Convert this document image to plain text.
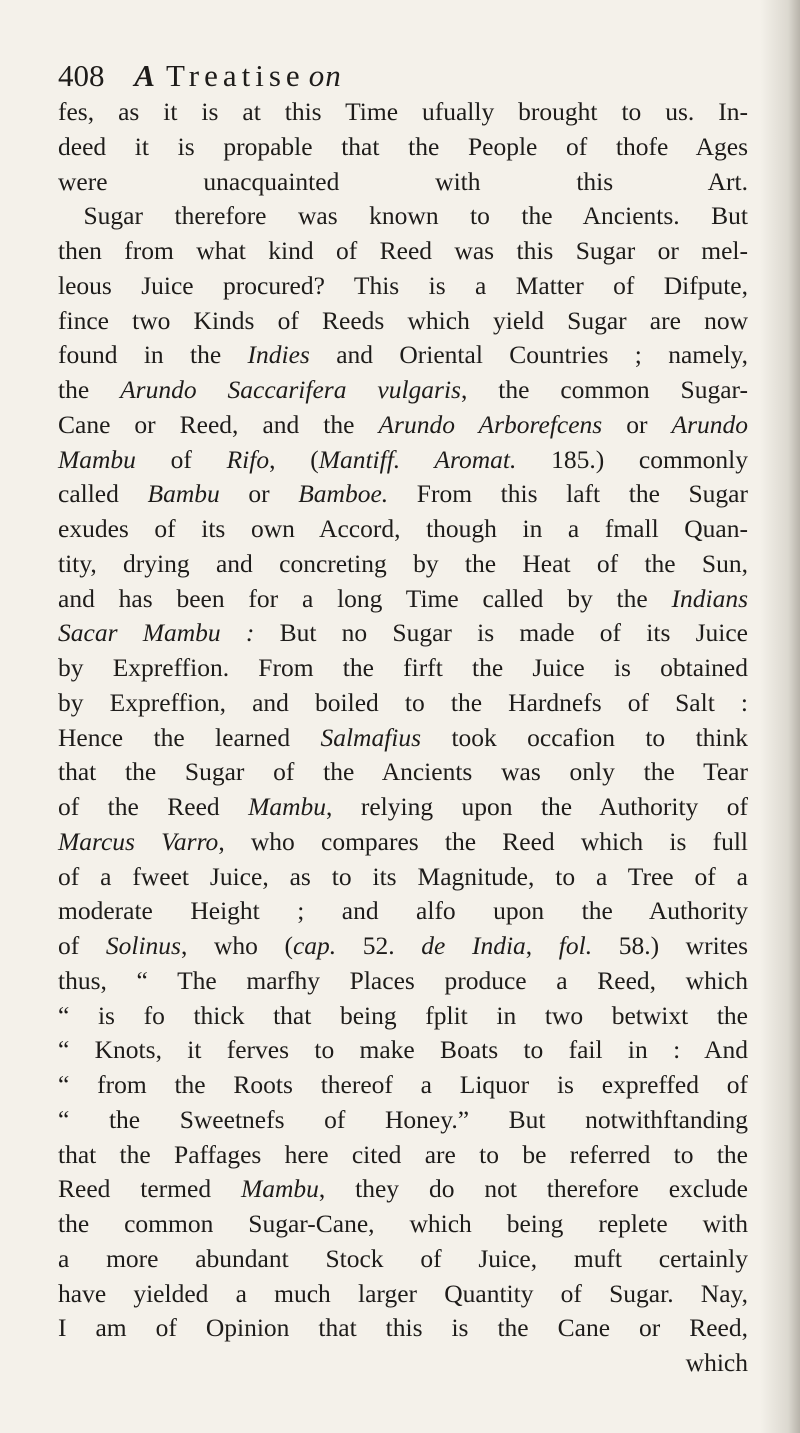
408 A Treatise on
fes, as it is at this Time ufually brought to us. In-
deed it is propable that the People of thofe Ages
were unacquainted with this Art.
 Sugar therefore was known to the Ancients. But
then from what kind of Reed was this Sugar or mel-
leous Juice procured? This is a Matter of Difpute,
fince two Kinds of Reeds which yield Sugar are now
found in the Indies and Oriental Countries ; namely,
the Arundo Saccarifera vulgaris, the common Sugar-
Cane or Reed, and the Arundo Arborefcens or Arundo
Mambu of Rifo, (Mantiff. Aromat. 185.) commonly
called Bambu or Bamboe. From this laft the Sugar
exudes of its own Accord, though in a fmall Quan-
tity, drying and concreting by the Heat of the Sun,
and has been for a long Time called by the Indians
Sacar Mambu : But no Sugar is made of its Juice
by Expreffion. From the firft the Juice is obtained
by Expreffion, and boiled to the Hardnefs of Salt :
Hence the learned Salmafius took occafion to think
that the Sugar of the Ancients was only the Tear
of the Reed Mambu, relying upon the Authority of
Marcus Varro, who compares the Reed which is full
of a fweet Juice, as to its Magnitude, to a Tree of a
moderate Height ; and alfo upon the Authority
of Solinus, who (cap. 52. de India, fol. 58.) writes
thus, “ The marfhy Places produce a Reed, which
“ is fo thick that being fplit in two betwixt the
“ Knots, it ferves to make Boats to fail in : And
“ from the Roots thereof a Liquor is expreffed of
“ the Sweetnefs of Honey.” But notwithftanding
that the Paffages here cited are to be referred to the
Reed termed Mambu, they do not therefore exclude
the common Sugar-Cane, which being replete with
a more abundant Stock of Juice, muft certainly
have yielded a much larger Quantity of Sugar. Nay,
I am of Opinion that this is the Cane or Reed,
which
